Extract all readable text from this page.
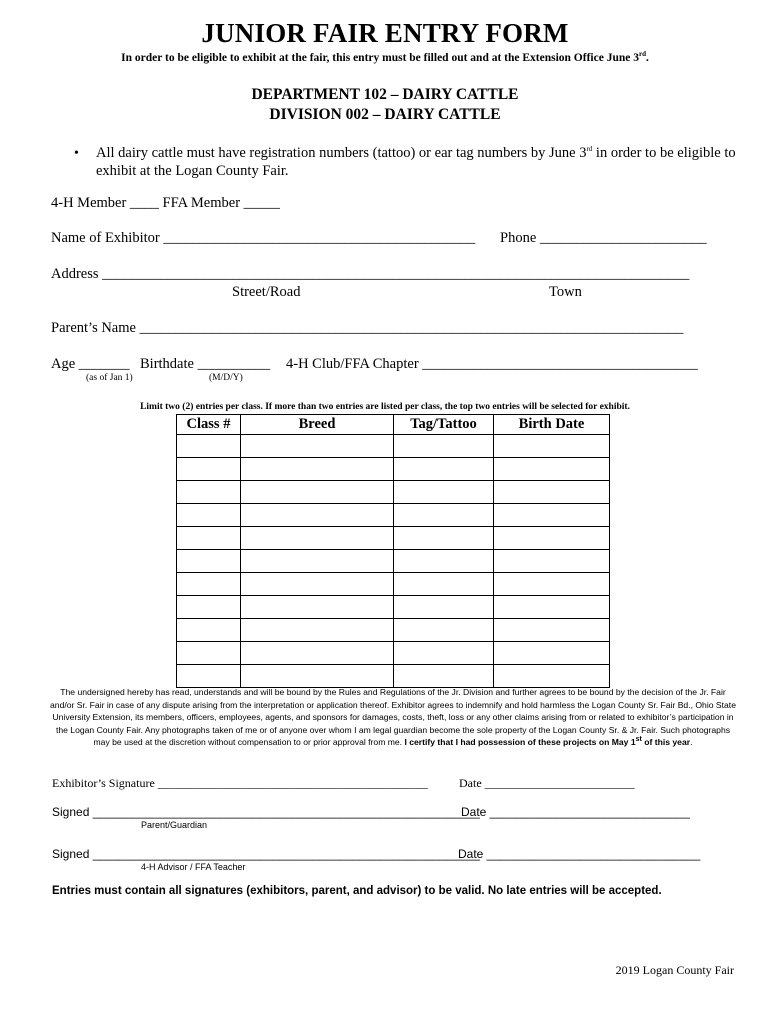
JUNIOR FAIR ENTRY FORM
In order to be eligible to exhibit at the fair, this entry must be filled out and at the Extension Office June 3rd.
DEPARTMENT 102 – DAIRY CATTLE
DIVISION 002 – DAIRY CATTLE
• All dairy cattle must have registration numbers (tattoo) or ear tag numbers by June 3rd in order to be eligible to exhibit at the Logan County Fair.
4-H Member ____ FFA Member _____
Name of Exhibitor ___________________________________________ Phone _______________________
Address _________________________________________________________________________________
Street/Road	Town
Parent’s Name ___________________________________________________________________________
Age _______ Birthdate __________ 4-H Club/FFA Chapter ______________________________________
(as of Jan 1)	(M/D/Y)
Limit two (2) entries per class. If more than two entries are listed per class, the top two entries will be selected for exhibit.
Class #	Breed	Tag/Tattoo	Birth Date

The undersigned hereby has read, understands and will be bound by the Rules and Regulations of the Jr. Division and further agrees to be bound by the decision of the Jr. Fair and/or Sr. Fair in case of any dispute arising from the interpretation or application thereof. Exhibitor agrees to indemnify and hold harmless the Logan County Sr. Fair Bd., Ohio State University Extension, its members, officers, employees, agents, and sponsors for damages, costs, theft, loss or any other claims arising from or related to exhibitor’s participation in the Logan County Fair. Any photographs taken of me or of anyone over whom I am legal guardian become the sole property of the Logan County Sr. & Jr. Fair. Such photographs may be used at the discretion without compensation to or prior approval from me. I certify that I had possession of these projects on May 1st of this year.
Exhibitor’s Signature _____________________________________________	Date _________________________
Signed __________________________________________________________
Date ______________________________
Parent/Guardian
Signed __________________________________________________________
Date ________________________________
4-H Advisor / FFA Teacher
Entries must contain all signatures (exhibitors, parent, and advisor) to be valid. No late entries will be accepted.
2019 Logan County Fair
